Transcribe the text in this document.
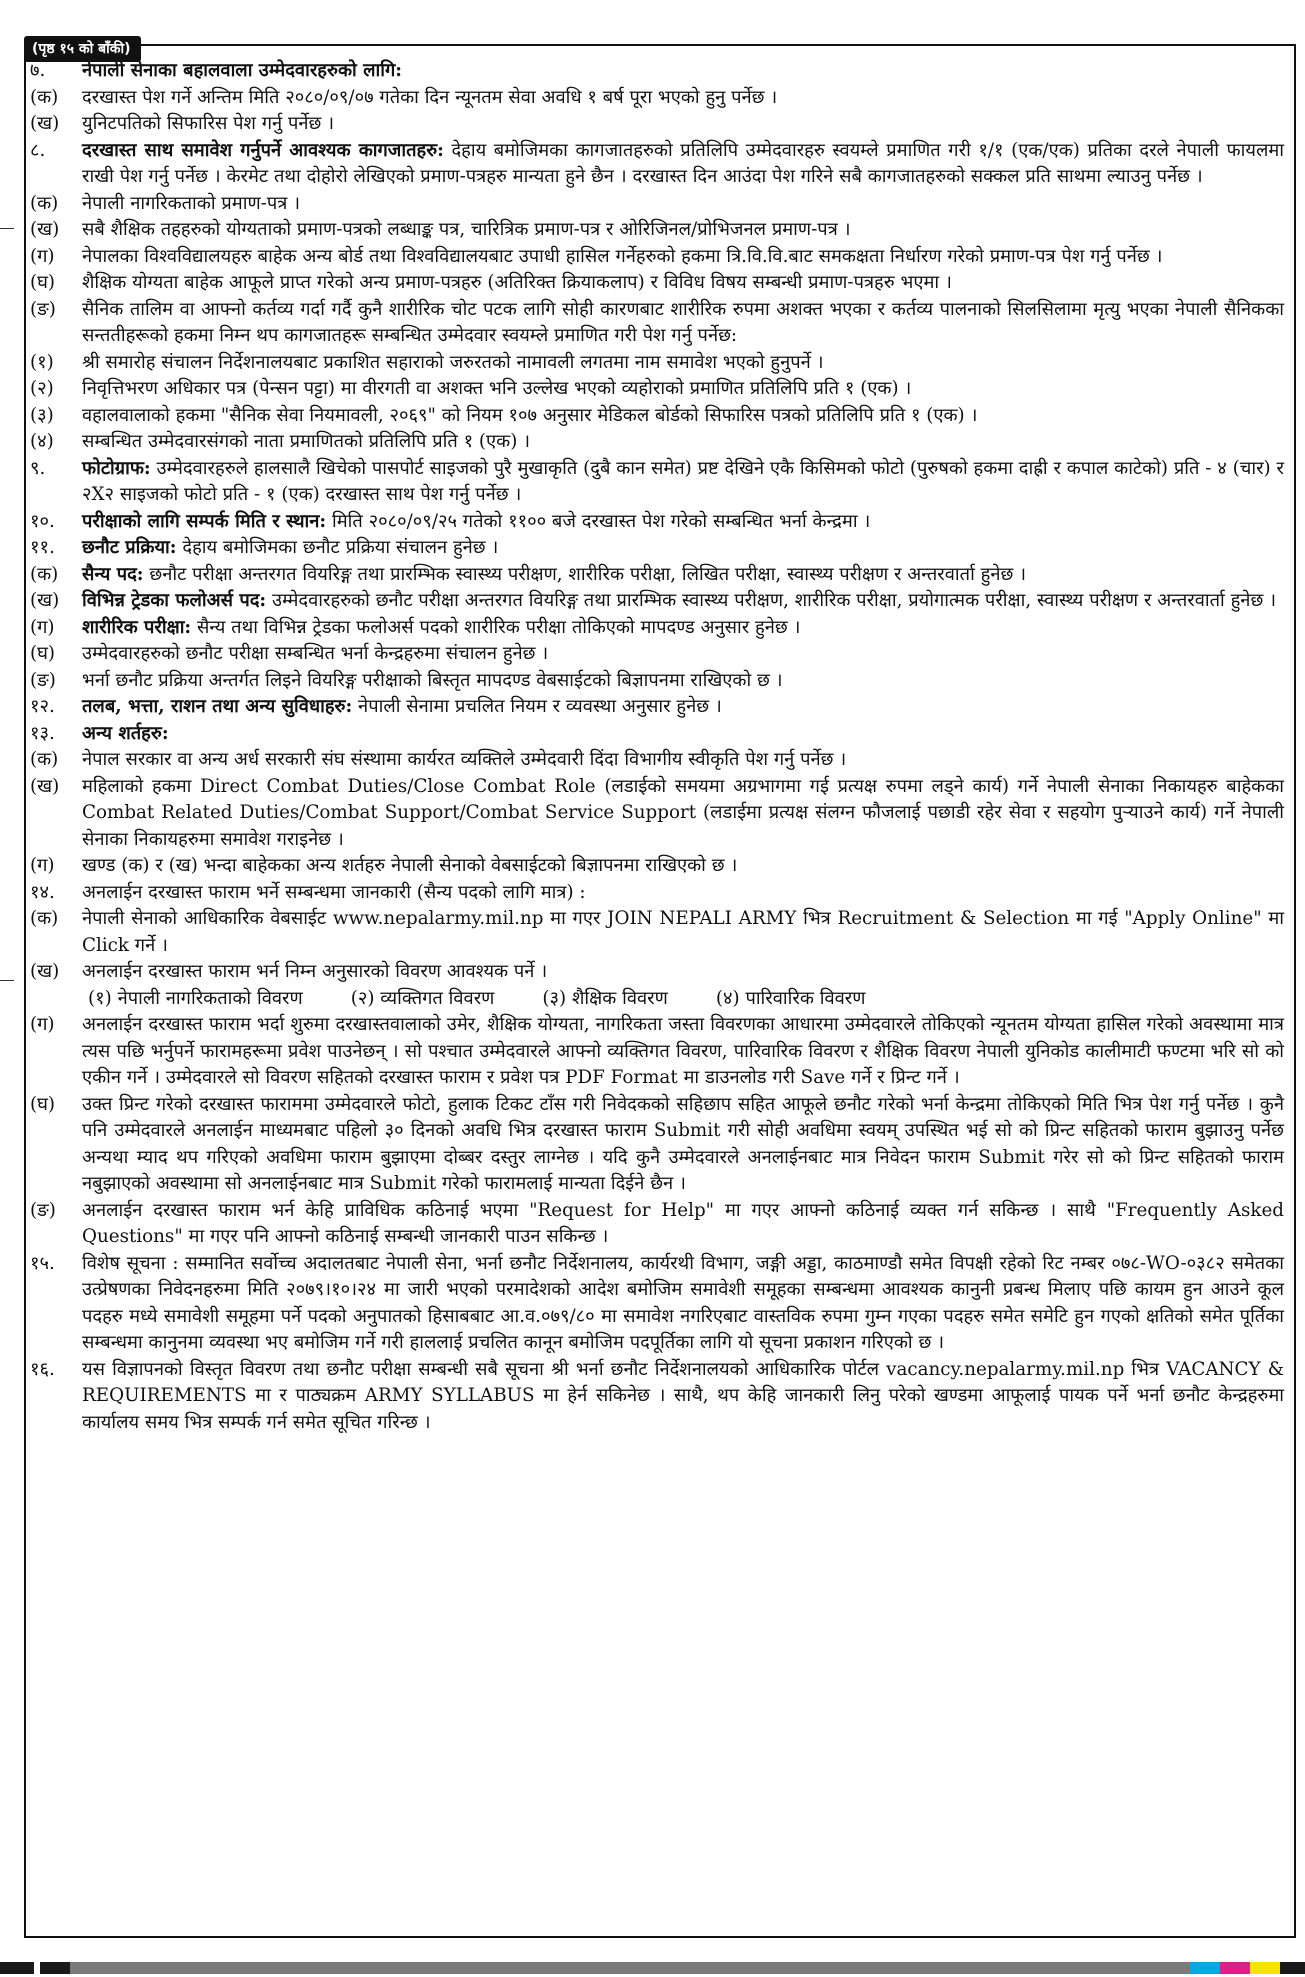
(पृष्ठ १५ को बाँकी)
७.	नेपाली सेनाका बहालवाला उम्मेदवारहरुको लागि:
(क)	दरखास्त पेश गर्ने अन्तिम मिति २०८०/०९/०७ गतेका दिन न्यूनतम सेवा अवधि १ बर्ष पूरा भएको हुनु पर्नेछ ।
(ख)	युनिटपतिको सिफारिस पेश गर्नु पर्नेछ ।
८.	दरखास्त साथ समावेश गर्नुपर्ने आवश्यक कागजातहरु: देहाय बमोजिमका कागजातहरुको प्रतिलिपि उम्मेदवारहरु स्वयम्ले प्रमाणित गरी १/१ (एक/एक) प्रतिका दरले नेपाली फायलमा राखी पेश गर्नु पर्नेछ । केरमेट तथा दोहोरो लेखिएको प्रमाण-पत्रहरु मान्यता हुने छैन । दरखास्त दिन आउंदा पेश गरिने सबै कागजातहरुको सक्कल प्रति साथमा ल्याउनु पर्नेछ ।
(क)	नेपाली नागरिकताको प्रमाण-पत्र ।
(ख)	सबै शैक्षिक तहहरुको योग्यताको प्रमाण-पत्रको लब्धाङ्क पत्र, चारित्रिक प्रमाण-पत्र र ओरिजिनल/प्रोभिजनल प्रमाण-पत्र ।
(ग)	नेपालका विश्वविद्यालयहरु बाहेक अन्य बोर्ड तथा विश्वविद्यालयबाट उपाधी हासिल गर्नेहरुको हकमा त्रि.वि.वि.बाट समकक्षता निर्धारण गरेको प्रमाण-पत्र पेश गर्नु पर्नेछ ।
(घ)	शैक्षिक योग्यता बाहेक आफूले प्राप्त गरेको अन्य प्रमाण-पत्रहरु (अतिरिक्त क्रियाकलाप) र विविध विषय सम्बन्धी प्रमाण-पत्रहरु भएमा ।
(ङ)	सैनिक तालिम वा आफ्नो कर्तव्य गर्दा गर्दै कुनै शारीरिक चोट पटक लागि सोही कारणबाट शारीरिक रुपमा अशक्त भएका र कर्तव्य पालनाको सिलसिलामा मृत्यु भएका नेपाली सैनिकका सन्ततीहरूको हकमा निम्न थप कागजातहरू सम्बन्धित उम्मेदवार स्वयम्ले प्रमाणित गरी पेश गर्नु पर्नेछ:
(१)	श्री समारोह संचालन निर्देशनालयबाट प्रकाशित सहाराको जरुरतको नामावली लगतमा नाम समावेश भएको हुनुपर्ने ।
(२)	निवृत्तिभरण अधिकार पत्र (पेन्सन पट्टा) मा वीरगती वा अशक्त भनि उल्लेख भएको व्यहोराको प्रमाणित प्रतिलिपि प्रति १ (एक) ।
(३)	वहालवालाको हकमा "सैनिक सेवा नियमावली, २०६९" को नियम १०७ अनुसार मेडिकल बोर्डको सिफारिस पत्रको प्रतिलिपि प्रति १ (एक) ।
(४)	सम्बन्धित उम्मेदवारसंगको नाता प्रमाणितको प्रतिलिपि प्रति १ (एक) ।
९.	फोटोग्राफ: उम्मेदवारहरुले हालसालै खिचेको पासपोर्ट साइजको पुरै मुखाकृति (दुबै कान समेत) प्रष्ट देखिने एकै किसिमको फोटो (पुरुषको हकमा दाह्री र कपाल काटेको) प्रति - ४ (चार) र २X२ साइजको फोटो प्रति - १ (एक) दरखास्त साथ पेश गर्नु पर्नेछ ।
१०.	परीक्षाको लागि सम्पर्क मिति र स्थान: मिति २०८०/०९/२५ गतेको ११०० बजे दरखास्त पेश गरेको सम्बन्धित भर्ना केन्द्रमा ।
११.	छनौट प्रक्रिया: देहाय बमोजिमका छनौट प्रक्रिया संचालन हुनेछ ।
(क)	सैन्य पद: छनौट परीक्षा अन्तरगत वियरिङ्ग तथा प्रारम्भिक स्वास्थ्य परीक्षण, शारीरिक परीक्षा, लिखित परीक्षा, स्वास्थ्य परीक्षण र अन्तरवार्ता हुनेछ ।
(ख)	विभिन्न ट्रेडका फलोअर्स पद: उम्मेदवारहरुको छनौट परीक्षा अन्तरगत वियरिङ्ग तथा प्रारम्भिक स्वास्थ्य परीक्षण, शारीरिक परीक्षा, प्रयोगात्मक परीक्षा, स्वास्थ्य परीक्षण र अन्तरवार्ता हुनेछ ।
(ग)	शारीरिक परीक्षा: सैन्य तथा विभिन्न ट्रेडका फलोअर्स पदको शारीरिक परीक्षा तोकिएको मापदण्ड अनुसार हुनेछ ।
(घ)	उम्मेदवारहरुको छनौट परीक्षा सम्बन्धित भर्ना केन्द्रहरुमा संचालन हुनेछ ।
(ङ)	भर्ना छनौट प्रक्रिया अन्तर्गत लिइने वियरिङ्ग परीक्षाको बिस्तृत मापदण्ड वेबसाईटको बिज्ञापनमा राखिएको छ ।
१२.	तलब, भत्ता, राशन तथा अन्य सुविधाहरु: नेपाली सेनामा प्रचलित नियम र व्यवस्था अनुसार हुनेछ ।
१३.	अन्य शर्तहरु:
(क)	नेपाल सरकार वा अन्य अर्ध सरकारी संघ संस्थामा कार्यरत व्यक्तिले उम्मेदवारी दिंदा विभागीय स्वीकृति पेश गर्नु पर्नेछ ।
(ख)	महिलाको हकमा Direct Combat Duties/Close Combat Role (लडाईको समयमा अग्रभागमा गई प्रत्यक्ष रुपमा लड्ने कार्य) गर्ने नेपाली सेनाका निकायहरु बाहेकका Combat Related Duties/Combat Support/Combat Service Support (लडाईमा प्रत्यक्ष संलग्न फौजलाई पछाडी रहेर सेवा र सहयोग पुऱ्याउने कार्य) गर्ने नेपाली सेनाका निकायहरुमा समावेश गराइनेछ ।
(ग)	खण्ड (क) र (ख) भन्दा बाहेकका अन्य शर्तहरु नेपाली सेनाको वेबसाईटको बिज्ञापनमा राखिएको छ ।
१४.	अनलाईन दरखास्त फाराम भर्ने सम्बन्धमा जानकारी (सैन्य पदको लागि मात्र) :
(क)	नेपाली सेनाको आधिकारिक वेबसाईट www.nepalarmy.mil.np मा गएर JOIN NEPALI ARMY भित्र Recruitment & Selection मा गई "Apply Online" मा Click गर्ने ।
(ख)	अनलाईन दरखास्त फाराम भर्न निम्न अनुसारको विवरण आवश्यक पर्ने ।
(१) नेपाली नागरिकताको विवरण	(२) व्यक्तिगत विवरण	(३) शैक्षिक विवरण	(४) पारिवारिक विवरण
(ग)	अनलाईन दरखास्त फाराम भर्दा शुरुमा दरखास्तवालाको उमेर, शैक्षिक योग्यता, नागरिकता जस्ता विवरणका आधारमा उम्मेदवारले तोकिएको न्यूनतम योग्यता हासिल गरेको अवस्थामा मात्र त्यस पछि भर्नुपर्ने फारामहरूमा प्रवेश पाउनेछन् । सो पश्चात उम्मेदवारले आफ्नो व्यक्तिगत विवरण, पारिवारिक विवरण र शैक्षिक विवरण नेपाली युनिकोड कालीमाटी फण्टमा भरि सो को एकीन गर्ने । उम्मेदवारले सो विवरण सहितको दरखास्त फाराम र प्रवेश पत्र PDF Format मा डाउनलोड गरी Save गर्ने र प्रिन्ट गर्ने ।
(घ)	उक्त प्रिन्ट गरेको दरखास्त फाराममा उम्मेदवारले फोटो, हुलाक टिकट टाँस गरी निवेदकको सहिछाप सहित आफूले छनौट गरेको भर्ना केन्द्रमा तोकिएको मिति भित्र पेश गर्नु पर्नेछ । कुनै पनि उम्मेदवारले अनलाईन माध्यमबाट पहिलो ३० दिनको अवधि भित्र दरखास्त फाराम Submit गरी सोही अवधिमा स्वयम् उपस्थित भई सो को प्रिन्ट सहितको फाराम बुझाउनु पर्नेछ अन्यथा म्याद थप गरिएको अवधिमा फाराम बुझाएमा दोब्बर दस्तुर लाग्नेछ । यदि कुनै उम्मेदवारले अनलाईनबाट मात्र निवेदन फाराम Submit गरेर सो को प्रिन्ट सहितको फाराम नबुझाएको अवस्थामा सो अनलाईनबाट मात्र Submit गरेको फारामलाई मान्यता दिईने छैन ।
(ङ)	अनलाईन दरखास्त फाराम भर्न केहि प्राविधिक कठिनाई भएमा "Request for Help" मा गएर आफ्नो कठिनाई व्यक्त गर्न सकिन्छ । साथै "Frequently Asked Questions" मा गएर पनि आफ्नो कठिनाई सम्बन्धी जानकारी पाउन सकिन्छ ।
१५.	विशेष सूचना : सम्मानित सर्वोच्च अदालतबाट नेपाली सेना, भर्ना छनौट निर्देशनालय, कार्यरथी विभाग, जङ्गी अड्डा, काठमाण्डौ समेत विपक्षी रहेको रिट नम्बर ०७८-WO-०३८२ समेतका उत्प्रेषणका निवेदनहरुमा मिति २०७९।१०।२४ मा जारी भएको परमादेशको आदेश बमोजिम समावेशी समूहका सम्बन्धमा आवश्यक कानुनी प्रबन्ध मिलाए पछि कायम हुन आउने कूल पदहरु मध्ये समावेशी समूहमा पर्ने पदको अनुपातको हिसाबबाट आ.व.०७९/८० मा समावेश नगरिएबाट वास्तविक रुपमा गुम्न गएका पदहरु समेत समेटि हुन गएको क्षतिको समेत पूर्तिका सम्बन्धमा कानुनमा व्यवस्था भए बमोजिम गर्ने गरी हाललाई प्रचलित कानून बमोजिम पदपूर्तिका लागि यो सूचना प्रकाशन गरिएको छ ।
१६.	यस विज्ञापनको विस्तृत विवरण तथा छनौट परीक्षा सम्बन्धी सबै सूचना श्री भर्ना छनौट निर्देशनालयको आधिकारिक पोर्टल vacancy.nepalarmy.mil.np भित्र VACANCY & REQUIREMENTS मा र पाठ्यक्रम ARMY SYLLABUS मा हेर्न सकिनेछ । साथै, थप केहि जानकारी लिनु परेको खण्डमा आफूलाई पायक पर्ने भर्ना छनौट केन्द्रहरुमा कार्यालय समय भित्र सम्पर्क गर्न समेत सूचित गरिन्छ ।
